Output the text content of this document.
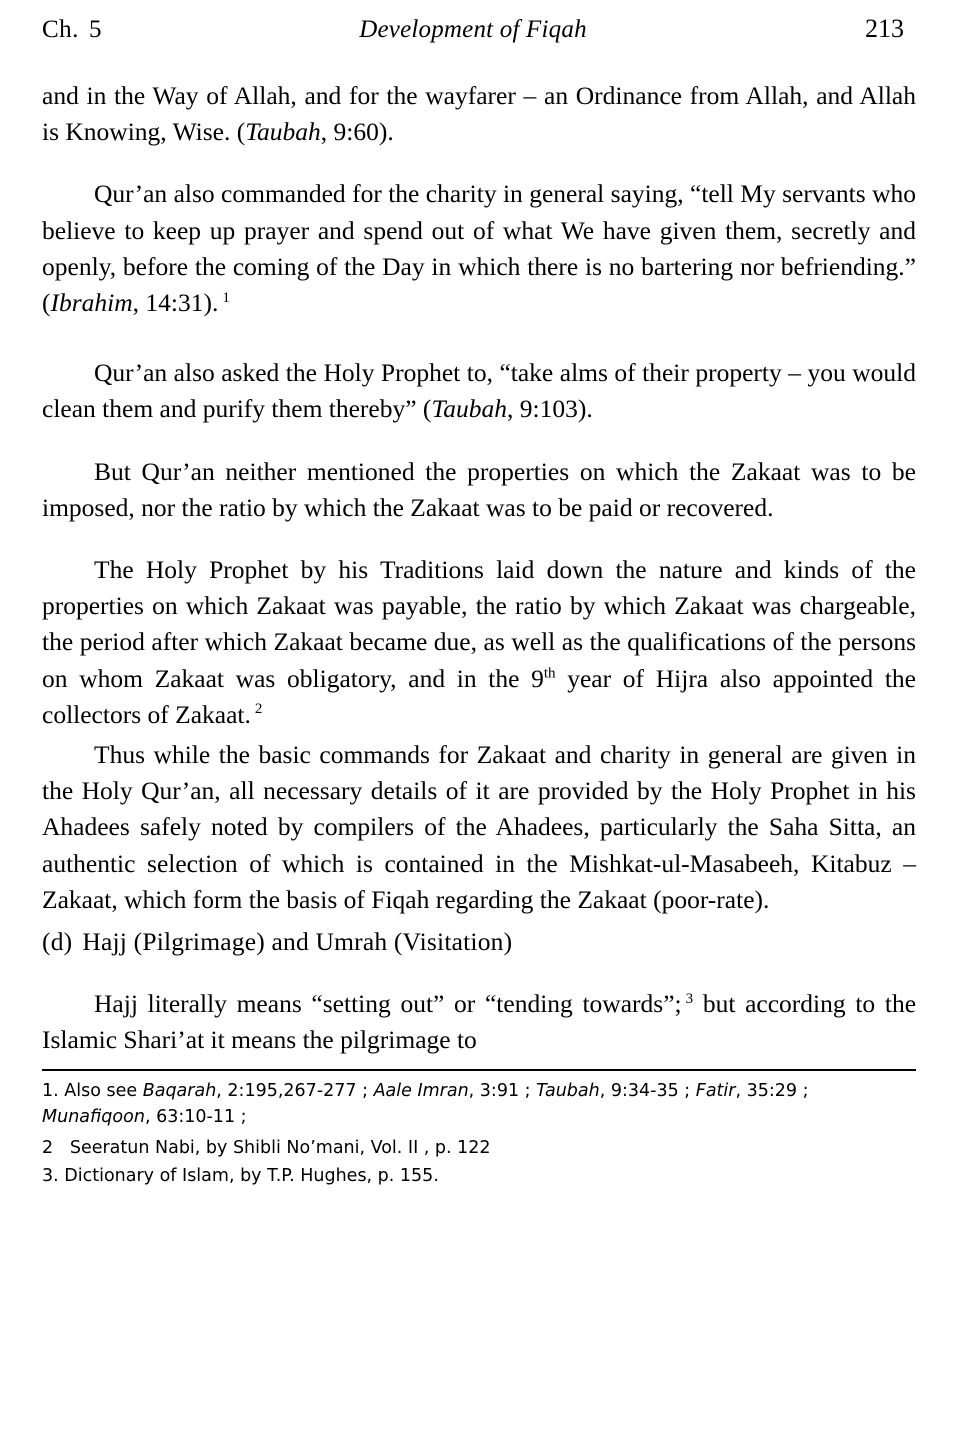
Ch. 5	Development of Fiqah	213

and in the Way of Allah, and for the wayfarer – an Ordinance from Allah, and Allah is Knowing, Wise. (Taubah, 9:60).

Qur’an also commanded for the charity in general saying, “tell My servants who believe to keep up prayer and spend out of what We have given them, secretly and openly, before the coming of the Day in which there is no bartering nor befriending.” (Ibrahim, 14:31). $^1$

Qur’an also asked the Holy Prophet to, “take alms of their property – you would clean them and purify them thereby” (Taubah, 9:103).

But Qur’an neither mentioned the properties on which the Zakaat was to be imposed, nor the ratio by which the Zakaat was to be paid or recovered.

The Holy Prophet by his Traditions laid down the nature and kinds of the properties on which Zakaat was payable, the ratio by which Zakaat was chargeable, the period after which Zakaat became due, as well as the qualifications of the persons on whom Zakaat was obligatory, and in the 9th year of Hijra also appointed the collectors of Zakaat. $^2$

Thus while the basic commands for Zakaat and charity in general are given in the Holy Qur’an, all necessary details of it are provided by the Holy Prophet in his Ahadees safely noted by compilers of the Ahadees, particularly the Saha Sitta, an authentic selection of which is contained in the Mishkat-ul-Masabeeh, Kitabuz – Zakaat, which form the basis of Fiqah regarding the Zakaat (poor-rate).

(d) Hajj (Pilgrimage) and Umrah (Visitation)

Hajj literally means “setting out” or “tending towards”; $^3$ but according to the Islamic Shari’at it means the pilgrimage to

1. Also see Baqarah, 2:195,267-277 ; Aale Imran, 3:91 ; Taubah, 9:34-35 ; Fatir, 35:29 ; Munafiqoon, 63:10-11 ;

2 Seeratun Nabi, by Shibli No’mani, Vol. II , p. 122

3. Dictionary of Islam, by T.P. Hughes, p. 155.
